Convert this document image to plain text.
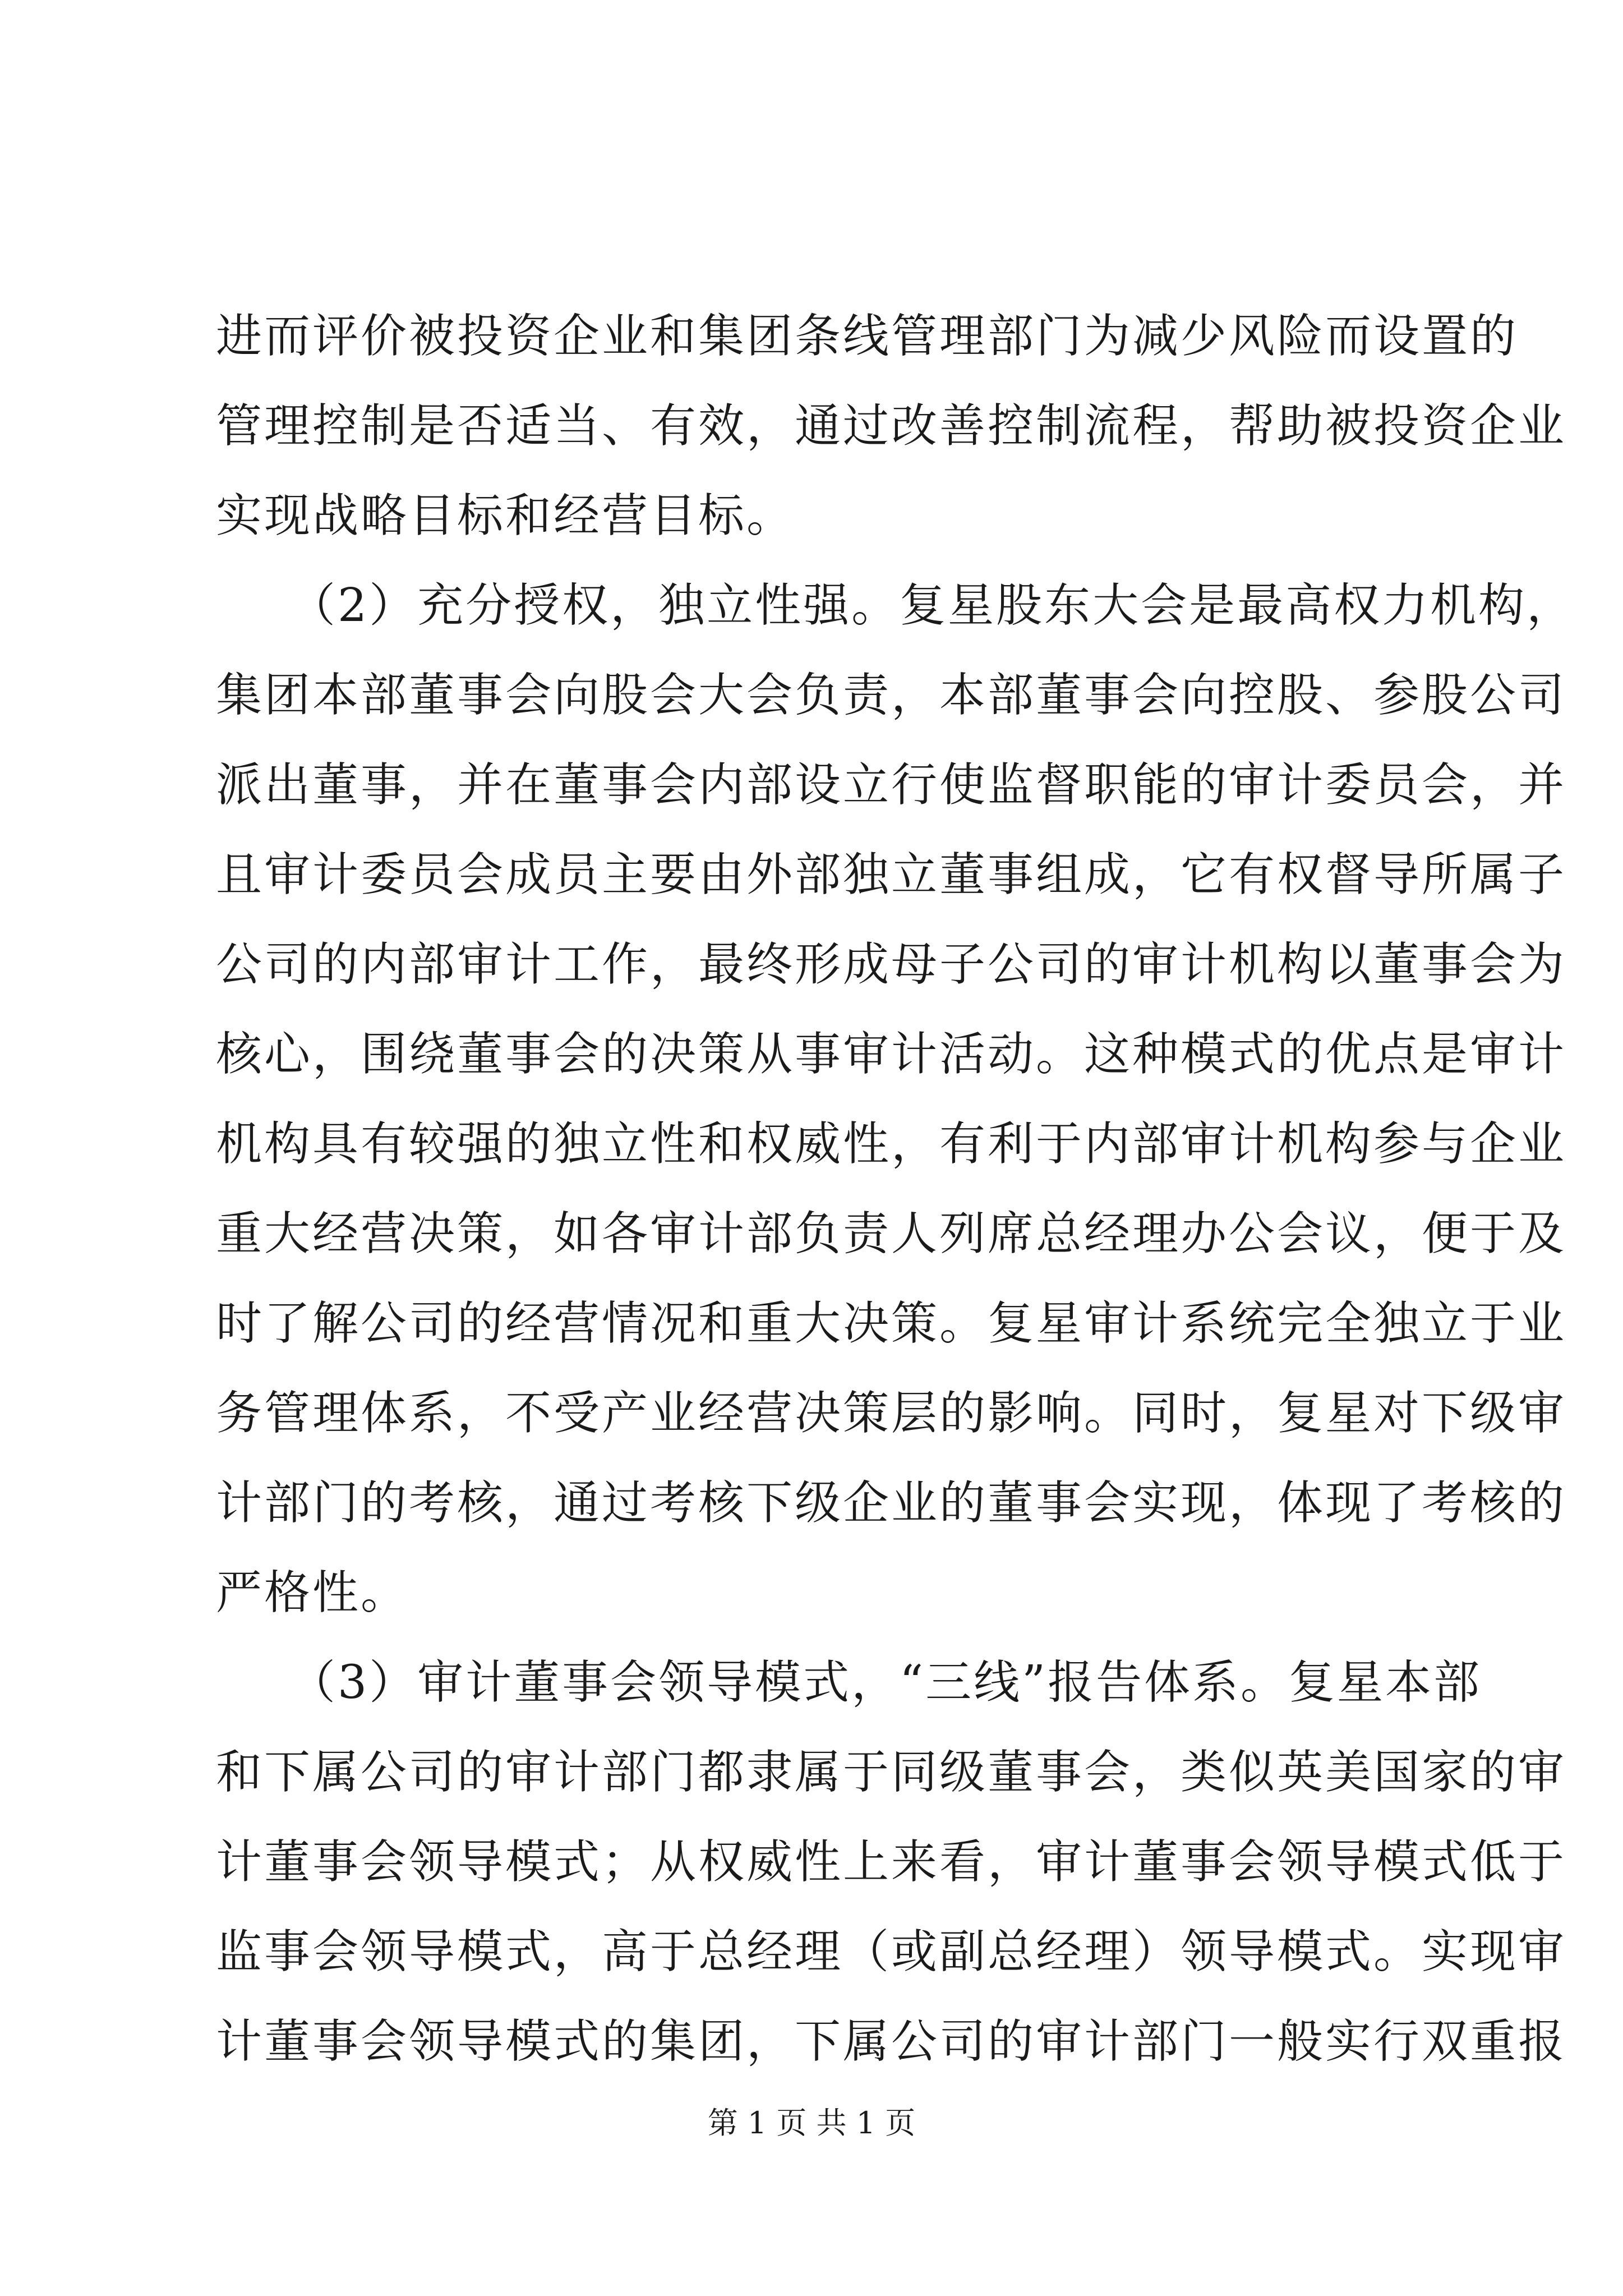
进而评价被投资企业和集团条线管理部门为减少风险而设置的
管理控制是否适当、有效，通过改善控制流程，帮助被投资企业
实现战略目标和经营目标。
　　（2）充分授权，独立性强。复星股东大会是最高权力机构，
集团本部董事会向股会大会负责，本部董事会向控股、参股公司
派出董事，并在董事会内部设立行使监督职能的审计委员会，并
且审计委员会成员主要由外部独立董事组成，它有权督导所属子
公司的内部审计工作，最终形成母子公司的审计机构以董事会为
核心，围绕董事会的决策从事审计活动。这种模式的优点是审计
机构具有较强的独立性和权威性，有利于内部审计机构参与企业
重大经营决策，如各审计部负责人列席总经理办公会议，便于及
时了解公司的经营情况和重大决策。复星审计系统完全独立于业
务管理体系，不受产业经营决策层的影响。同时，复星对下级审
计部门的考核，通过考核下级企业的董事会实现，体现了考核的
严格性。
　　（3）审计董事会领导模式，“三线”报告体系。复星本部
和下属公司的审计部门都隶属于同级董事会，类似英美国家的审
计董事会领导模式；从权威性上来看，审计董事会领导模式低于
监事会领导模式，高于总经理（或副总经理）领导模式。实现审
计董事会领导模式的集团，下属公司的审计部门一般实行双重报
第 1 页 共 1 页
